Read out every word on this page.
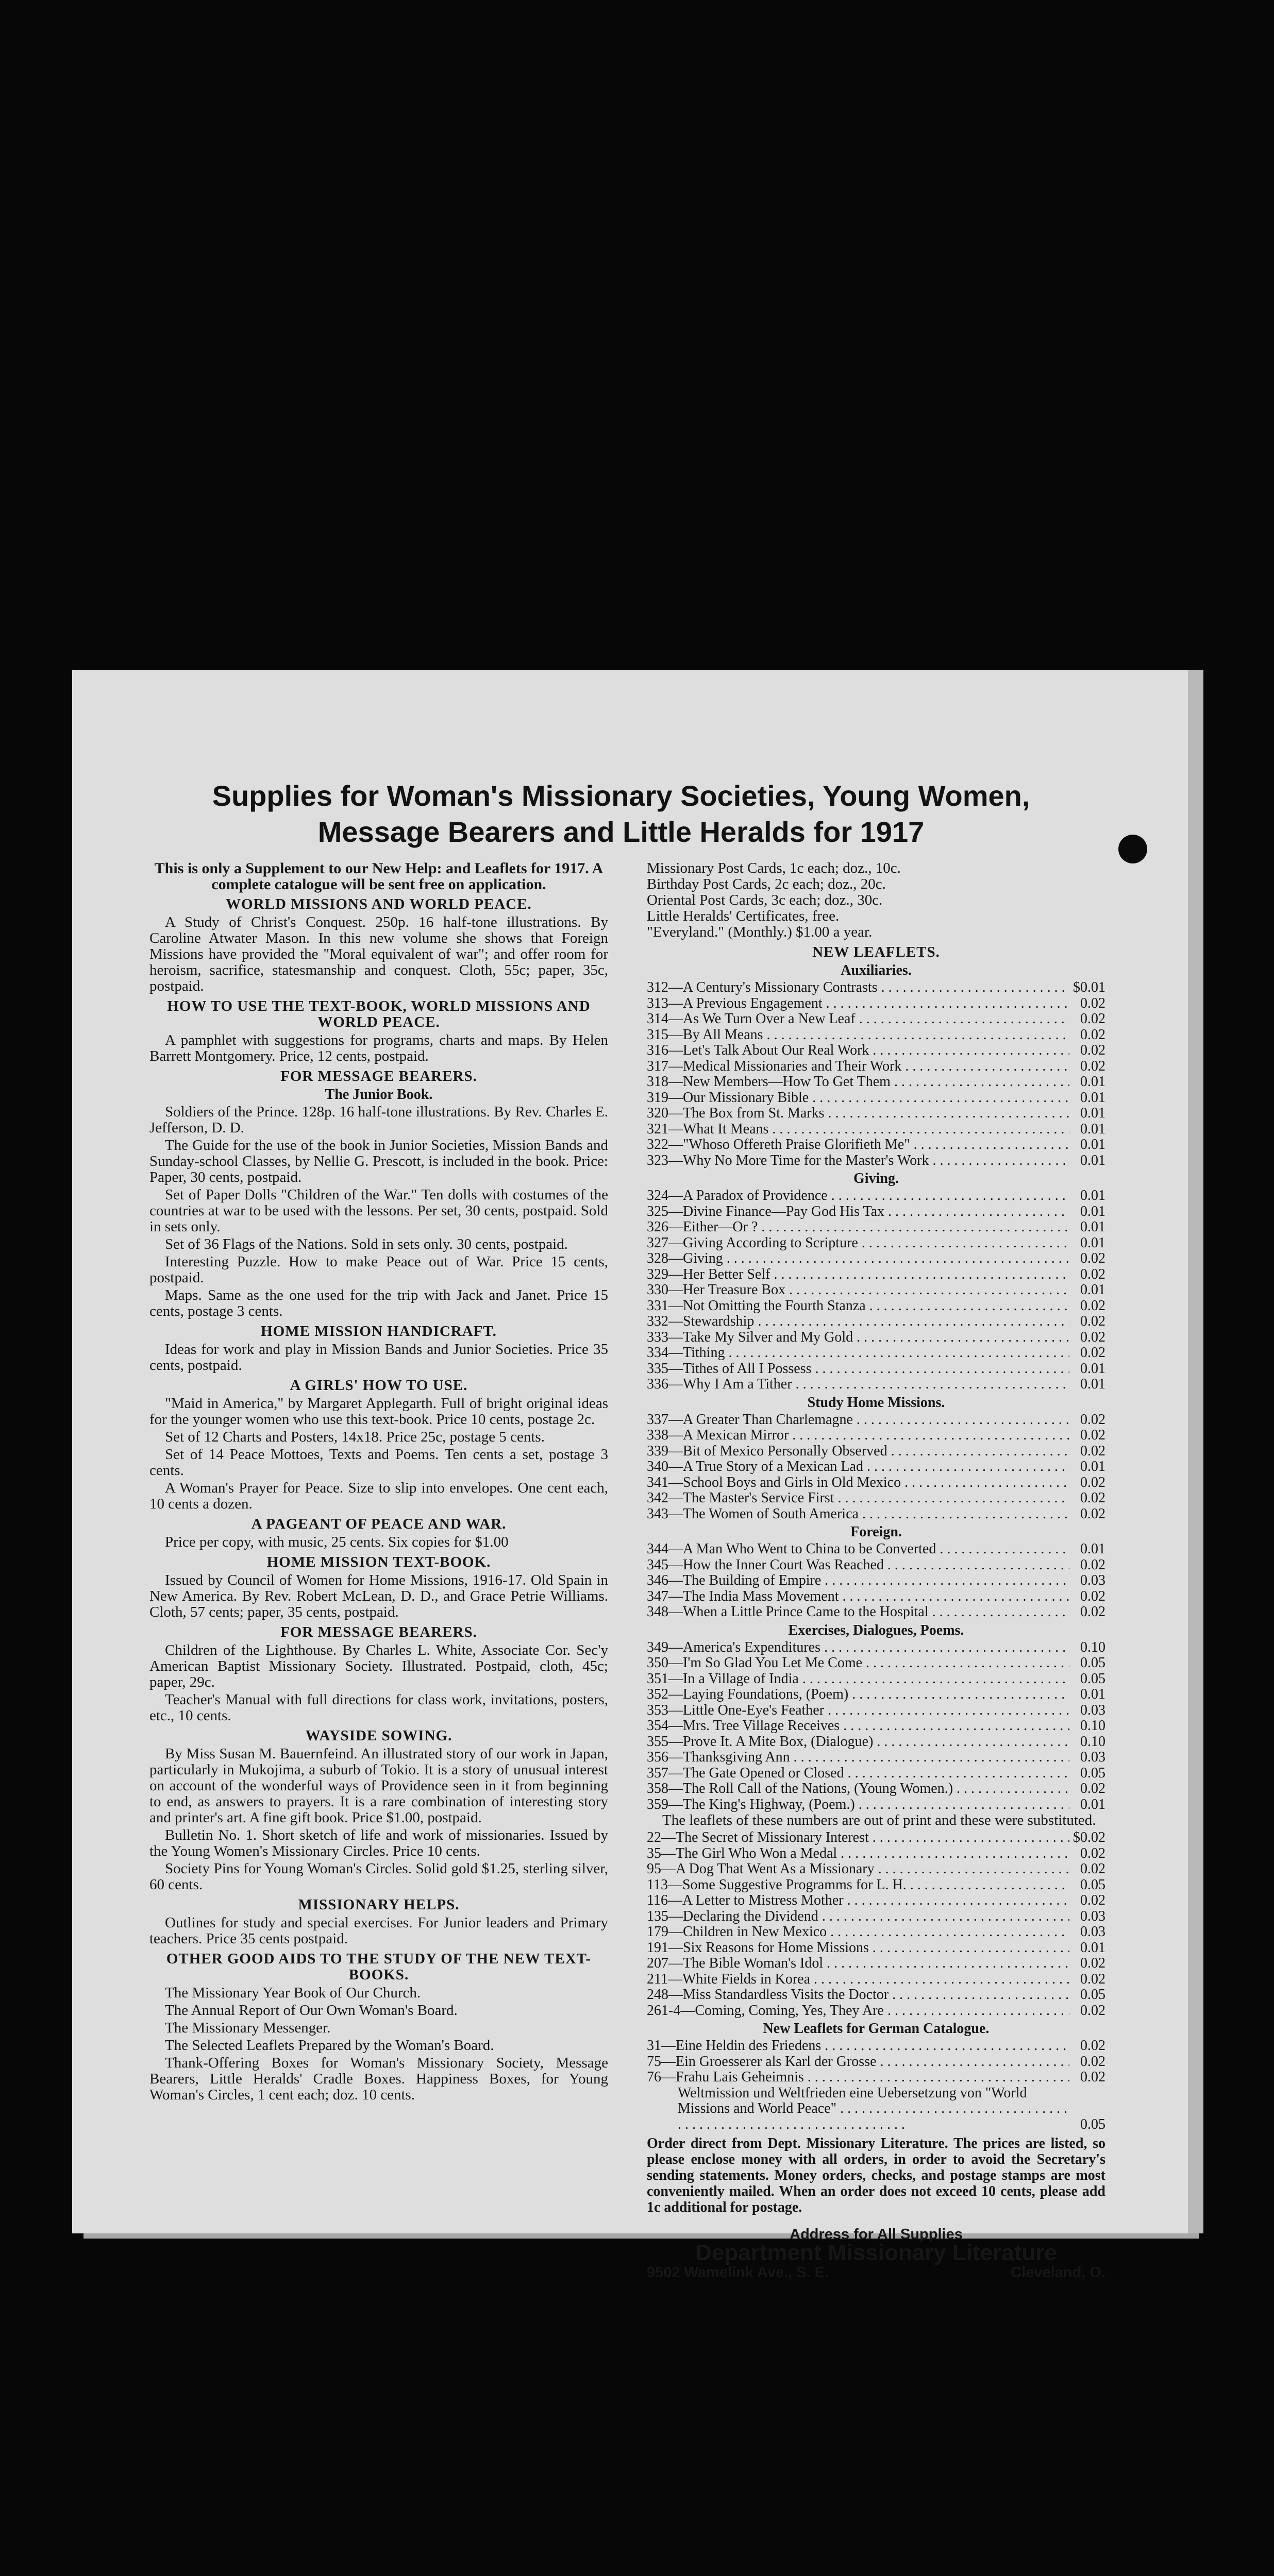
Supplies for Woman's Missionary Societies, Young Women, Message Bearers and Little Heralds for 1917

This is only a Supplement to our New Help: and Leaflets for 1917. A complete catalogue will be sent free on application.

WORLD MISSIONS AND WORLD PEACE.

A Study of Christ's Conquest. 250p. 16 half-tone illustrations. By Caroline Atwater Mason. In this new volume she shows that Foreign Missions have provided the "Moral equivalent of war"; and offer room for heroism, sacrifice, statesmanship and conquest. Cloth, 55c; paper, 35c, postpaid.

HOW TO USE THE TEXT-BOOK, WORLD MISSIONS AND WORLD PEACE.

A pamphlet with suggestions for programs, charts and maps. By Helen Barrett Montgomery. Price, 12 cents, postpaid.

FOR MESSAGE BEARERS.
The Junior Book.

Soldiers of the Prince. 128p. 16 half-tone illustrations. By Rev. Charles E. Jefferson, D. D.

The Guide for the use of the book in Junior Societies, Mission Bands and Sunday-school Classes, by Nellie G. Prescott, is included in the book. Price: Paper, 30 cents, postpaid.

Set of Paper Dolls "Children of the War." Ten dolls with costumes of the countries at war to be used with the lessons. Per set, 30 cents, postpaid. Sold in sets only.

Set of 36 Flags of the Nations. Sold in sets only. 30 cents, postpaid.

Interesting Puzzle. How to make Peace out of War. Price 15 cents, postpaid.

Maps. Same as the one used for the trip with Jack and Janet. Price 15 cents, postage 3 cents.

HOME MISSION HANDICRAFT.

Ideas for work and play in Mission Bands and Junior Societies. Price 35 cents, postpaid.

A GIRLS' HOW TO USE.

"Maid in America," by Margaret Applegarth. Full of bright original ideas for the younger women who use this text-book. Price 10 cents, postage 2c.

Set of 12 Charts and Posters, 14x18. Price 25c, postage 5 cents.

Set of 14 Peace Mottoes, Texts and Poems. Ten cents a set, postage 3 cents.

A Woman's Prayer for Peace. Size to slip into envelopes. One cent each, 10 cents a dozen.

A PAGEANT OF PEACE AND WAR.

Price per copy, with music, 25 cents. Six copies for $1.00

HOME MISSION TEXT-BOOK.

Issued by Council of Women for Home Missions, 1916-17. Old Spain in New America. By Rev. Robert McLean, D. D., and Grace Petrie Williams. Cloth, 57 cents; paper, 35 cents, postpaid.

FOR MESSAGE BEARERS.

Children of the Lighthouse. By Charles L. White, Associate Cor. Sec'y American Baptist Missionary Society. Illustrated. Postpaid, cloth, 45c; paper, 29c.

Teacher's Manual with full directions for class work, invitations, posters, etc., 10 cents.

WAYSIDE SOWING.

By Miss Susan M. Bauernfeind. An illustrated story of our work in Japan, particularly in Mukojima, a suburb of Tokio. It is a story of unusual interest on account of the wonderful ways of Providence seen in it from beginning to end, as answers to prayers. It is a rare combination of interesting story and printer's art. A fine gift book. Price $1.00, postpaid.

Bulletin No. 1. Short sketch of life and work of missionaries. Issued by the Young Women's Missionary Circles. Price 10 cents.

Society Pins for Young Woman's Circles. Solid gold $1.25, sterling silver, 60 cents.

MISSIONARY HELPS.

Outlines for study and special exercises. For Junior leaders and Primary teachers. Price 35 cents postpaid.

OTHER GOOD AIDS TO THE STUDY OF THE NEW TEXT-BOOKS.

The Missionary Year Book of Our Church.

The Annual Report of Our Own Woman's Board.

The Missionary Messenger.

The Selected Leaflets Prepared by the Woman's Board.

Thank-Offering Boxes for Woman's Missionary Society, Message Bearers, Little Heralds' Cradle Boxes. Happiness Boxes, for Young Woman's Circles, 1 cent each; doz. 10 cents.

Missionary Post Cards, 1c each; doz., 10c.

Birthday Post Cards, 2c each; doz., 20c.

Oriental Post Cards, 3c each; doz., 30c.

Little Heralds' Certificates, free.

"Everyland." (Monthly.) $1.00 a year.

NEW LEAFLETS.
Auxiliaries.
312—A Century's Missionary Contrasts . . .	$0.01
313—A Previous Engagement . . .	0.02
314—As We Turn Over a New Leaf . . .	0.02
315—By All Means . . .	0.02
316—Let's Talk About Our Real Work . . .	0.02
317—Medical Missionaries and Their Work . . .	0.02
318—New Members—How To Get Them . . .	0.01
319—Our Missionary Bible . . .	0.01
320—The Box from St. Marks . . .	0.01
321—What It Means . . .	0.01
322—"Whoso Offereth Praise Glorifieth Me" . . .	0.01
323—Why No More Time for the Master's Work . . .	0.01
Giving.
324—A Paradox of Providence . . .	0.01
325—Divine Finance—Pay God His Tax . . .	0.01
326—Either—Or ? . . .	0.01
327—Giving According to Scripture . . .	0.01
328—Giving . . .	0.02
329—Her Better Self . . .	0.02
330—Her Treasure Box . . .	0.01
331—Not Omitting the Fourth Stanza . . .	0.02
332—Stewardship . . .	0.02
333—Take My Silver and My Gold . . .	0.02
334—Tithing . . .	0.02
335—Tithes of All I Possess . . .	0.01
336—Why I Am a Tither . . .	0.01
Study Home Missions.
337—A Greater Than Charlemagne . . .	0.02
338—A Mexican Mirror . . .	0.02
339—Bit of Mexico Personally Observed . . .	0.02
340—A True Story of a Mexican Lad . . .	0.01
341—School Boys and Girls in Old Mexico . . .	0.02
342—The Master's Service First . . .	0.02
343—The Women of South America . . .	0.02
Foreign.
344—A Man Who Went to China to be Converted . . .	0.01
345—How the Inner Court Was Reached . . .	0.02
346—The Building of Empire . . .	0.03
347—The India Mass Movement . . .	0.02
348—When a Little Prince Came to the Hospital . . .	0.02
Exercises, Dialogues, Poems.
349—America's Expenditures . . .	0.10
350—I'm So Glad You Let Me Come . . .	0.05
351—In a Village of India . . .	0.05
352—Laying Foundations, (Poem) . . .	0.01
353—Little One-Eye's Feather . . .	0.03
354—Mrs. Tree Village Receives . . .	0.10
355—Prove It. A Mite Box, (Dialogue) . . .	0.10
356—Thanksgiving Ann . . .	0.03
357—The Gate Opened or Closed . . .	0.05
358—The Roll Call of the Nations, (Young Women.) . . .	0.02
359—The King's Highway, (Poem.) . . .	0.01

The leaflets of these numbers are out of print and these were substituted.

22—The Secret of Missionary Interest . . .	$0.02
35—The Girl Who Won a Medal . . .	0.02
95—A Dog That Went As a Missionary . . .	0.02
113—Some Suggestive Programms for L. H. . . .	0.05
116—A Letter to Mistress Mother . . .	0.02
135—Declaring the Dividend . . .	0.03
179—Children in New Mexico . . .	0.03
191—Six Reasons for Home Missions . . .	0.01
207—The Bible Woman's Idol . . .	0.02
211—White Fields in Korea . . .	0.02
248—Miss Standardless Visits the Doctor . . .	0.05
261-4—Coming, Coming, Yes, They Are . . .	0.02
New Leaflets for German Catalogue.
31—Eine Heldin des Friedens . . .	0.02
75—Ein Groesserer als Karl der Grosse . . .	0.02
76—Frahu Lais Geheimnis . . .	0.02
Weltmission und Weltfrieden eine Uebersetzung von "World Missions and World Peace" . . .
0.05

Order direct from Dept. Missionary Literature. The prices are listed, so please enclose money with all orders, in order to avoid the Secretary's sending statements. Money orders, checks, and postage stamps are most conveniently mailed. When an order does not exceed 10 cents, please add 1c additional for postage.

Address for All Supplies
Department Missionary Literature
9502 Wamelink Ave., S. E.	Cleveland, O.
